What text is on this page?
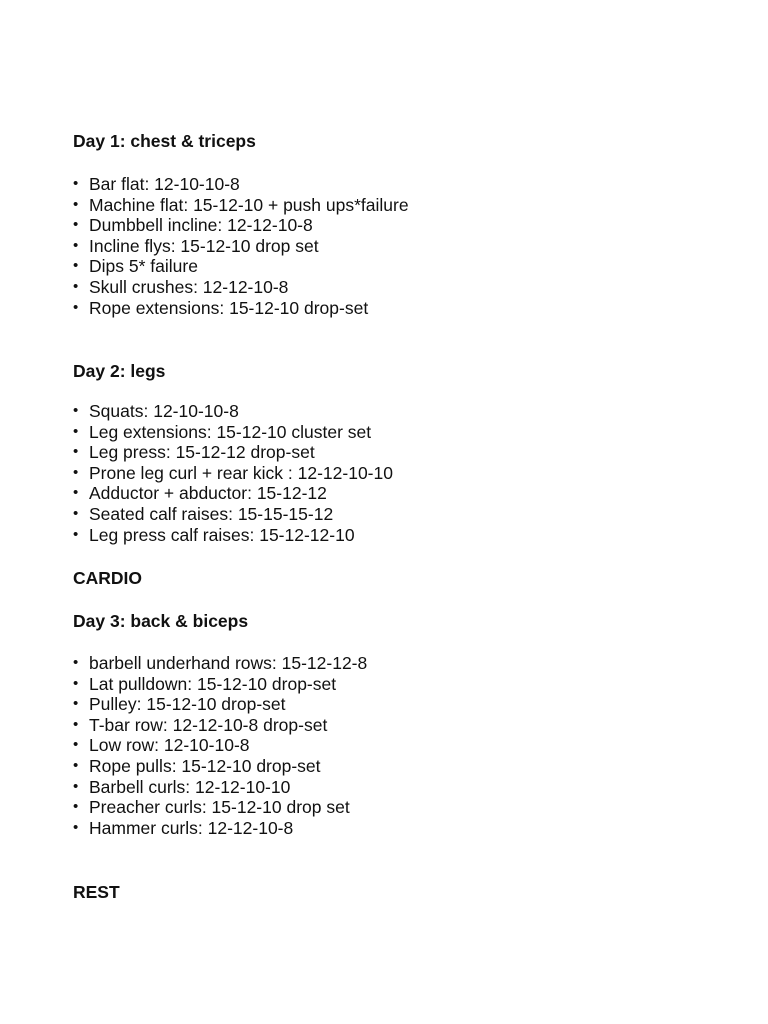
Day 1: chest & triceps
• Bar flat: 12-10-10-8
• Machine flat: 15-12-10 + push ups*failure
• Dumbbell incline: 12-12-10-8
• Incline flys: 15-12-10 drop set
• Dips 5* failure
• Skull crushes: 12-12-10-8
• Rope extensions: 15-12-10 drop-set
Day 2: legs
• Squats: 12-10-10-8
• Leg extensions: 15-12-10 cluster set
• Leg press: 15-12-12 drop-set
• Prone leg curl + rear kick : 12-12-10-10
• Adductor + abductor: 15-12-12
• Seated calf raises: 15-15-15-12
• Leg press calf raises: 15-12-12-10
CARDIO
Day 3: back & biceps
• barbell underhand rows: 15-12-12-8
• Lat pulldown: 15-12-10 drop-set
• Pulley: 15-12-10 drop-set
• T-bar row: 12-12-10-8 drop-set
• Low row: 12-10-10-8
• Rope pulls: 15-12-10 drop-set
• Barbell curls: 12-12-10-10
• Preacher curls: 15-12-10 drop set
• Hammer curls: 12-12-10-8
REST
